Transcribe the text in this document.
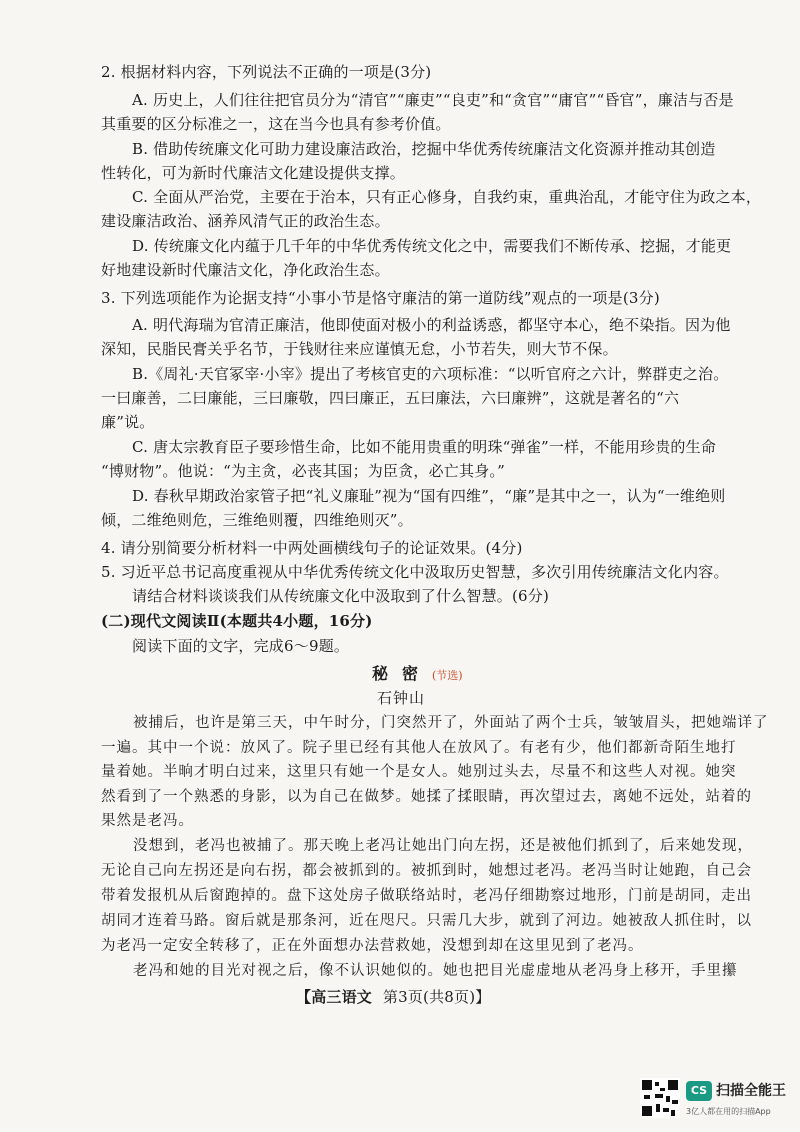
2. 根据材料内容，下列说法不正确的一项是(3分)
A. 历史上，人们往往把官员分为“清官”“廉吏”“良吏”和“贪官”“庸官”“昏官”，廉洁与否是
其重要的区分标准之一，这在当今也具有参考价值。
B. 借助传统廉文化可助力建设廉洁政治，挖掘中华优秀传统廉洁文化资源并推动其创造
性转化，可为新时代廉洁文化建设提供支撑。
C. 全面从严治党，主要在于治本，只有正心修身，自我约束，重典治乱，才能守住为政之本，
建设廉洁政治、涵养风清气正的政治生态。
D. 传统廉文化内蕴于几千年的中华优秀传统文化之中，需要我们不断传承、挖掘，才能更
好地建设新时代廉洁文化，净化政治生态。
3. 下列选项能作为论据支持“小事小节是恪守廉洁的第一道防线”观点的一项是(3分)
A. 明代海瑞为官清正廉洁，他即使面对极小的利益诱惑，都坚守本心，绝不染指。因为他
深知，民脂民膏关乎名节，于钱财往来应谨慎无怠，小节若失，则大节不保。
B.《周礼·天官冢宰·小宰》提出了考核官吏的六项标准：“以听官府之六计，弊群吏之治。
一曰廉善，二曰廉能，三曰廉敬，四曰廉正，五曰廉法，六曰廉辨”，这就是著名的“六
廉”说。
C. 唐太宗教育臣子要珍惜生命，比如不能用贵重的明珠“弹雀”一样，不能用珍贵的生命
“博财物”。他说：“为主贪，必丧其国；为臣贪，必亡其身。”
D. 春秋早期政治家管子把“礼义廉耻”视为“国有四维”，“廉”是其中之一，认为“一维绝则
倾，二维绝则危，三维绝则覆，四维绝则灭”。
4. 请分别简要分析材料一中两处画横线句子的论证效果。(4分)
5. 习近平总书记高度重视从中华优秀传统文化中汲取历史智慧，多次引用传统廉洁文化内容。
请结合材料谈谈我们从传统廉文化中汲取到了什么智慧。(6分)
(二)现代文阅读Ⅱ(本题共4小题，16分)
阅读下面的文字，完成6～9题。
秘密(节选)
石钟山
被捕后，也许是第三天，中午时分，门突然开了，外面站了两个士兵，皱皱眉头，把她端详了
一遍。其中一个说：放风了。院子里已经有其他人在放风了。有老有少，他们都新奇陌生地打
量着她。半晌才明白过来，这里只有她一个是女人。她别过头去，尽量不和这些人对视。她突
然看到了一个熟悉的身影，以为自己在做梦。她揉了揉眼睛，再次望过去，离她不远处，站着的
果然是老冯。
没想到，老冯也被捕了。那天晚上老冯让她出门向左拐，还是被他们抓到了，后来她发现，
无论自己向左拐还是向右拐，都会被抓到的。被抓到时，她想过老冯。老冯当时让她跑，自己会
带着发报机从后窗跑掉的。盘下这处房子做联络站时，老冯仔细勘察过地形，门前是胡同，走出
胡同才连着马路。窗后就是那条河，近在咫尺。只需几大步，就到了河边。她被敌人抓住时，以
为老冯一定安全转移了，正在外面想办法营救她，没想到却在这里见到了老冯。
老冯和她的目光对视之后，像不认识她似的。她也把目光虚虚地从老冯身上移开，手里攥
【高三语文 第3页(共8页)】
CS 扫描全能王
3亿人都在用的扫描App
